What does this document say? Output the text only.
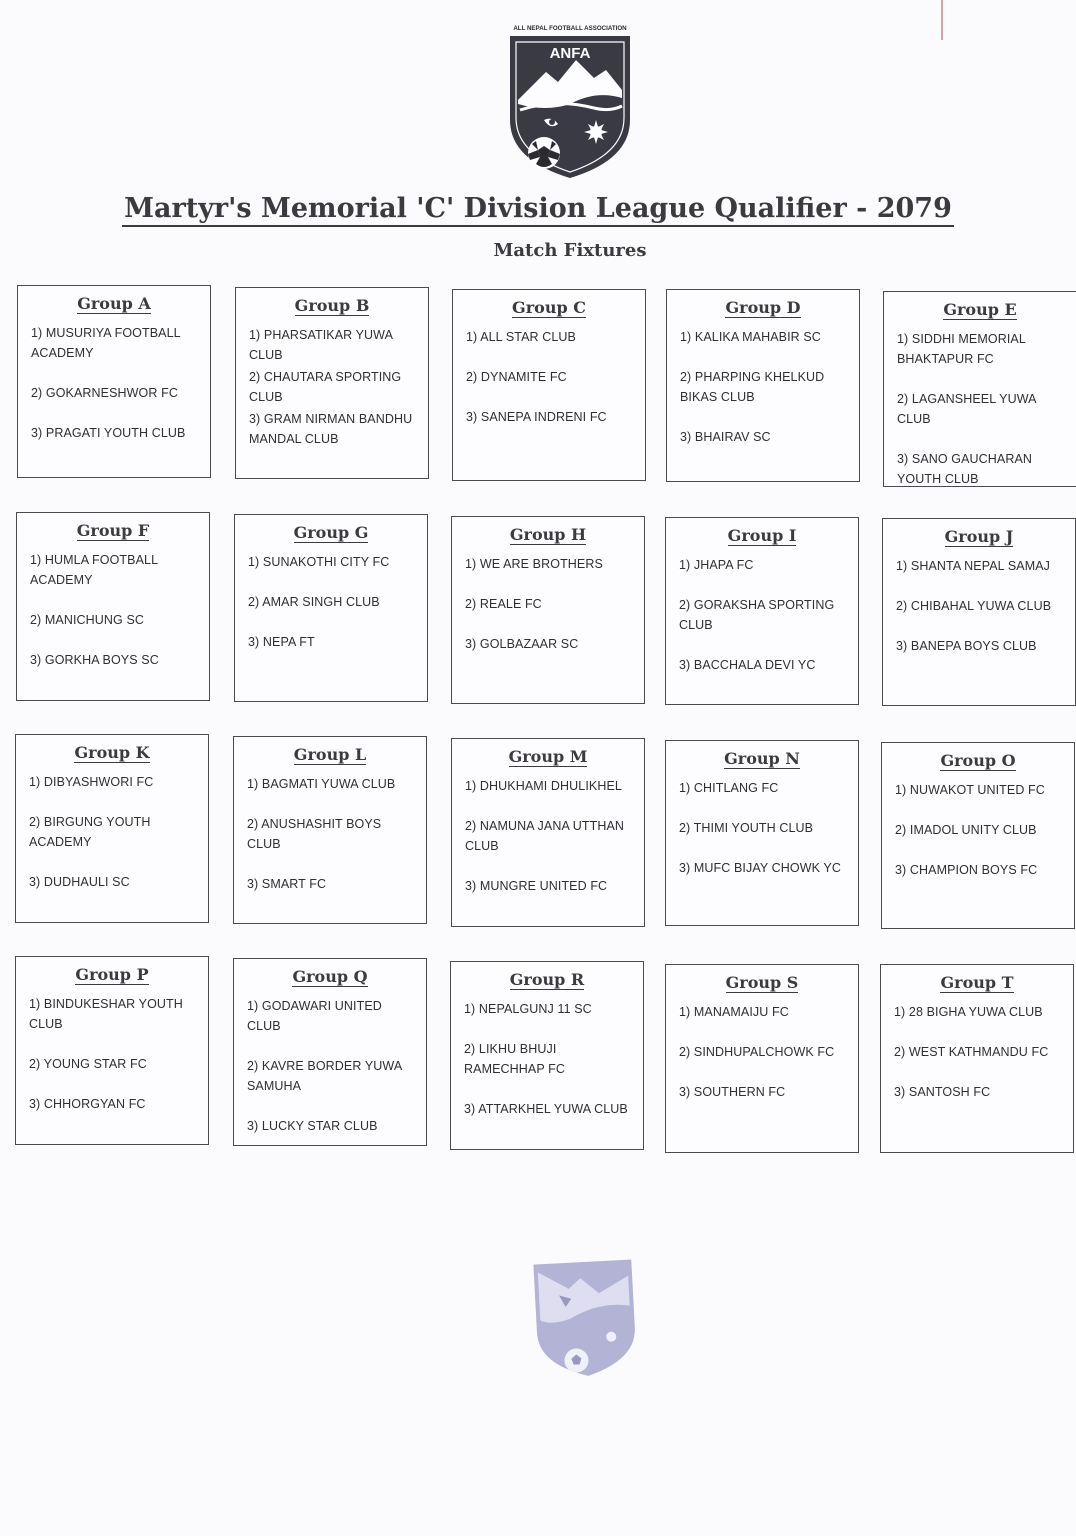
ALL NEPAL FOOTBALL ASSOCIATION
ANFA
Martyr's Memorial 'C' Division League Qualifier - 2079
Match Fixtures
Group A
1) MUSURIYA FOOTBALL ACADEMY
2) GOKARNESHWOR FC
3) PRAGATI YOUTH CLUB
Group B
1) PHARSATIKAR YUWA CLUB
2) CHAUTARA SPORTING CLUB
3) GRAM NIRMAN BANDHU MANDAL CLUB
Group C
1) ALL STAR CLUB
2) DYNAMITE FC
3) SANEPA INDRENI FC
Group D
1) KALIKA MAHABIR SC
2) PHARPING KHELKUD BIKAS CLUB
3) BHAIRAV SC
Group E
1) SIDDHI MEMORIAL BHAKTAPUR FC
2) LAGANSHEEL YUWA CLUB
3) SANO GAUCHARAN YOUTH CLUB
Group F
1) HUMLA FOOTBALL ACADEMY
2) MANICHUNG SC
3) GORKHA BOYS SC
Group G
1) SUNAKOTHI CITY FC
2) AMAR SINGH CLUB
3) NEPA FT
Group H
1) WE ARE BROTHERS
2) REALE FC
3) GOLBAZAAR SC
Group I
1) JHAPA FC
2) GORAKSHA SPORTING CLUB
3) BACCHALA DEVI YC
Group J
1) SHANTA NEPAL SAMAJ
2) CHIBAHAL YUWA CLUB
3) BANEPA BOYS CLUB
Group K
1) DIBYASHWORI FC
2) BIRGUNG YOUTH ACADEMY
3) DUDHAULI SC
Group L
1) BAGMATI YUWA CLUB
2) ANUSHASHIT BOYS CLUB
3) SMART FC
Group M
1) DHUKHAMI DHULIKHEL
2) NAMUNA JANA UTTHAN CLUB
3) MUNGRE UNITED FC
Group N
1) CHITLANG FC
2) THIMI YOUTH CLUB
3) MUFC BIJAY CHOWK YC
Group O
1) NUWAKOT UNITED FC
2) IMADOL UNITY CLUB
3) CHAMPION BOYS FC
Group P
1) BINDUKESHAR YOUTH CLUB
2) YOUNG STAR FC
3) CHHORGYAN FC
Group Q
1) GODAWARI UNITED CLUB
2) KAVRE BORDER YUWA SAMUHA
3) LUCKY STAR CLUB
Group R
1) NEPALGUNJ 11 SC
2) LIKHU BHUJI RAMECHHAP FC
3) ATTARKHEL YUWA CLUB
Group S
1) MANAMAIJU FC
2) SINDHUPALCHOWK FC
3) SOUTHERN FC
Group T
1) 28 BIGHA YUWA CLUB
2) WEST KATHMANDU FC
3) SANTOSH FC
